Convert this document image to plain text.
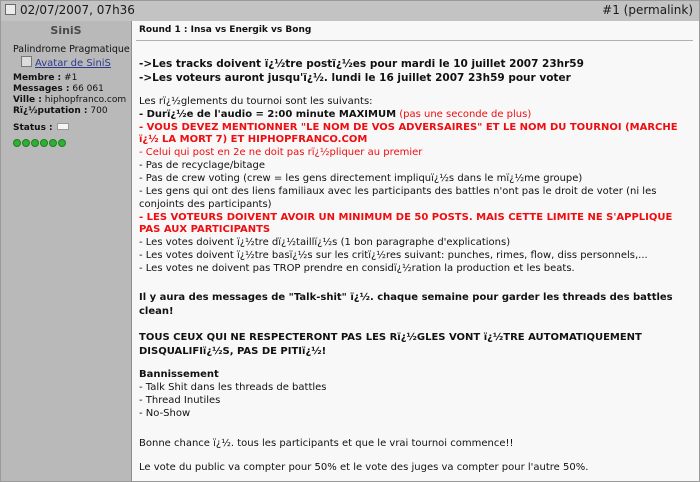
02/07/2007, 07h36	#1 (permalink)
SiniS
Palindrome Pragmatique
Avatar de SiniS
Membre : #1
Messages : 66 061
Ville : hiphopfranco.com
Rï¿½putation : 700
Status :
Round 1 : Insa vs Energik vs Bong
->Les tracks doivent ï¿½tre postï¿½es pour mardi le 10 juillet 2007 23hr59
->Les voteurs auront jusqu'ï¿½. lundi le 16 juillet 2007 23h59 pour voter
Les rï¿½glements du tournoi sont les suivants:
- Durï¿½e de l'audio = 2:00 minute MAXIMUM (pas une seconde de plus)
- VOUS DEVEZ MENTIONNER "LE NOM DE VOS ADVERSAIRES" ET LE NOM DU TOURNOI (MARCHE
ï¿½ LA MORT 7) ET HIPHOPFRANCO.COM
- Celui qui post en 2e ne doit pas rï¿½pliquer au premier
- Pas de recyclage/bitage
- Pas de crew voting (crew = les gens directement impliquï¿½s dans le mï¿½me groupe)
- Les gens qui ont des liens familiaux avec les participants des battles n'ont pas le droit de voter (ni les
conjoints des participants)
- LES VOTEURS DOIVENT AVOIR UN MINIMUM DE 50 POSTS. MAIS CETTE LIMITE NE S'APPLIQUE
PAS AUX PARTICIPANTS
- Les votes doivent ï¿½tre dï¿½taillï¿½s (1 bon paragraphe d'explications)
- Les votes doivent ï¿½tre basï¿½s sur les critï¿½res suivant: punches, rimes, flow, diss personnels,...
- Les votes ne doivent pas TROP prendre en considï¿½ration la production et les beats.
Il y aura des messages de "Talk-shit" ï¿½. chaque semaine pour garder les threads des battles
clean!
TOUS CEUX QUI NE RESPECTERONT PAS LES Rï¿½GLES VONT ï¿½TRE AUTOMATIQUEMENT
DISQUALIFIï¿½S, PAS DE PITIï¿½!
Bannissement
- Talk Shit dans les threads de battles
- Thread Inutiles
- No-Show
Bonne chance ï¿½. tous les participants et que le vrai tournoi commence!!
Le vote du public va compter pour 50% et le vote des juges va compter pour l'autre 50%.
